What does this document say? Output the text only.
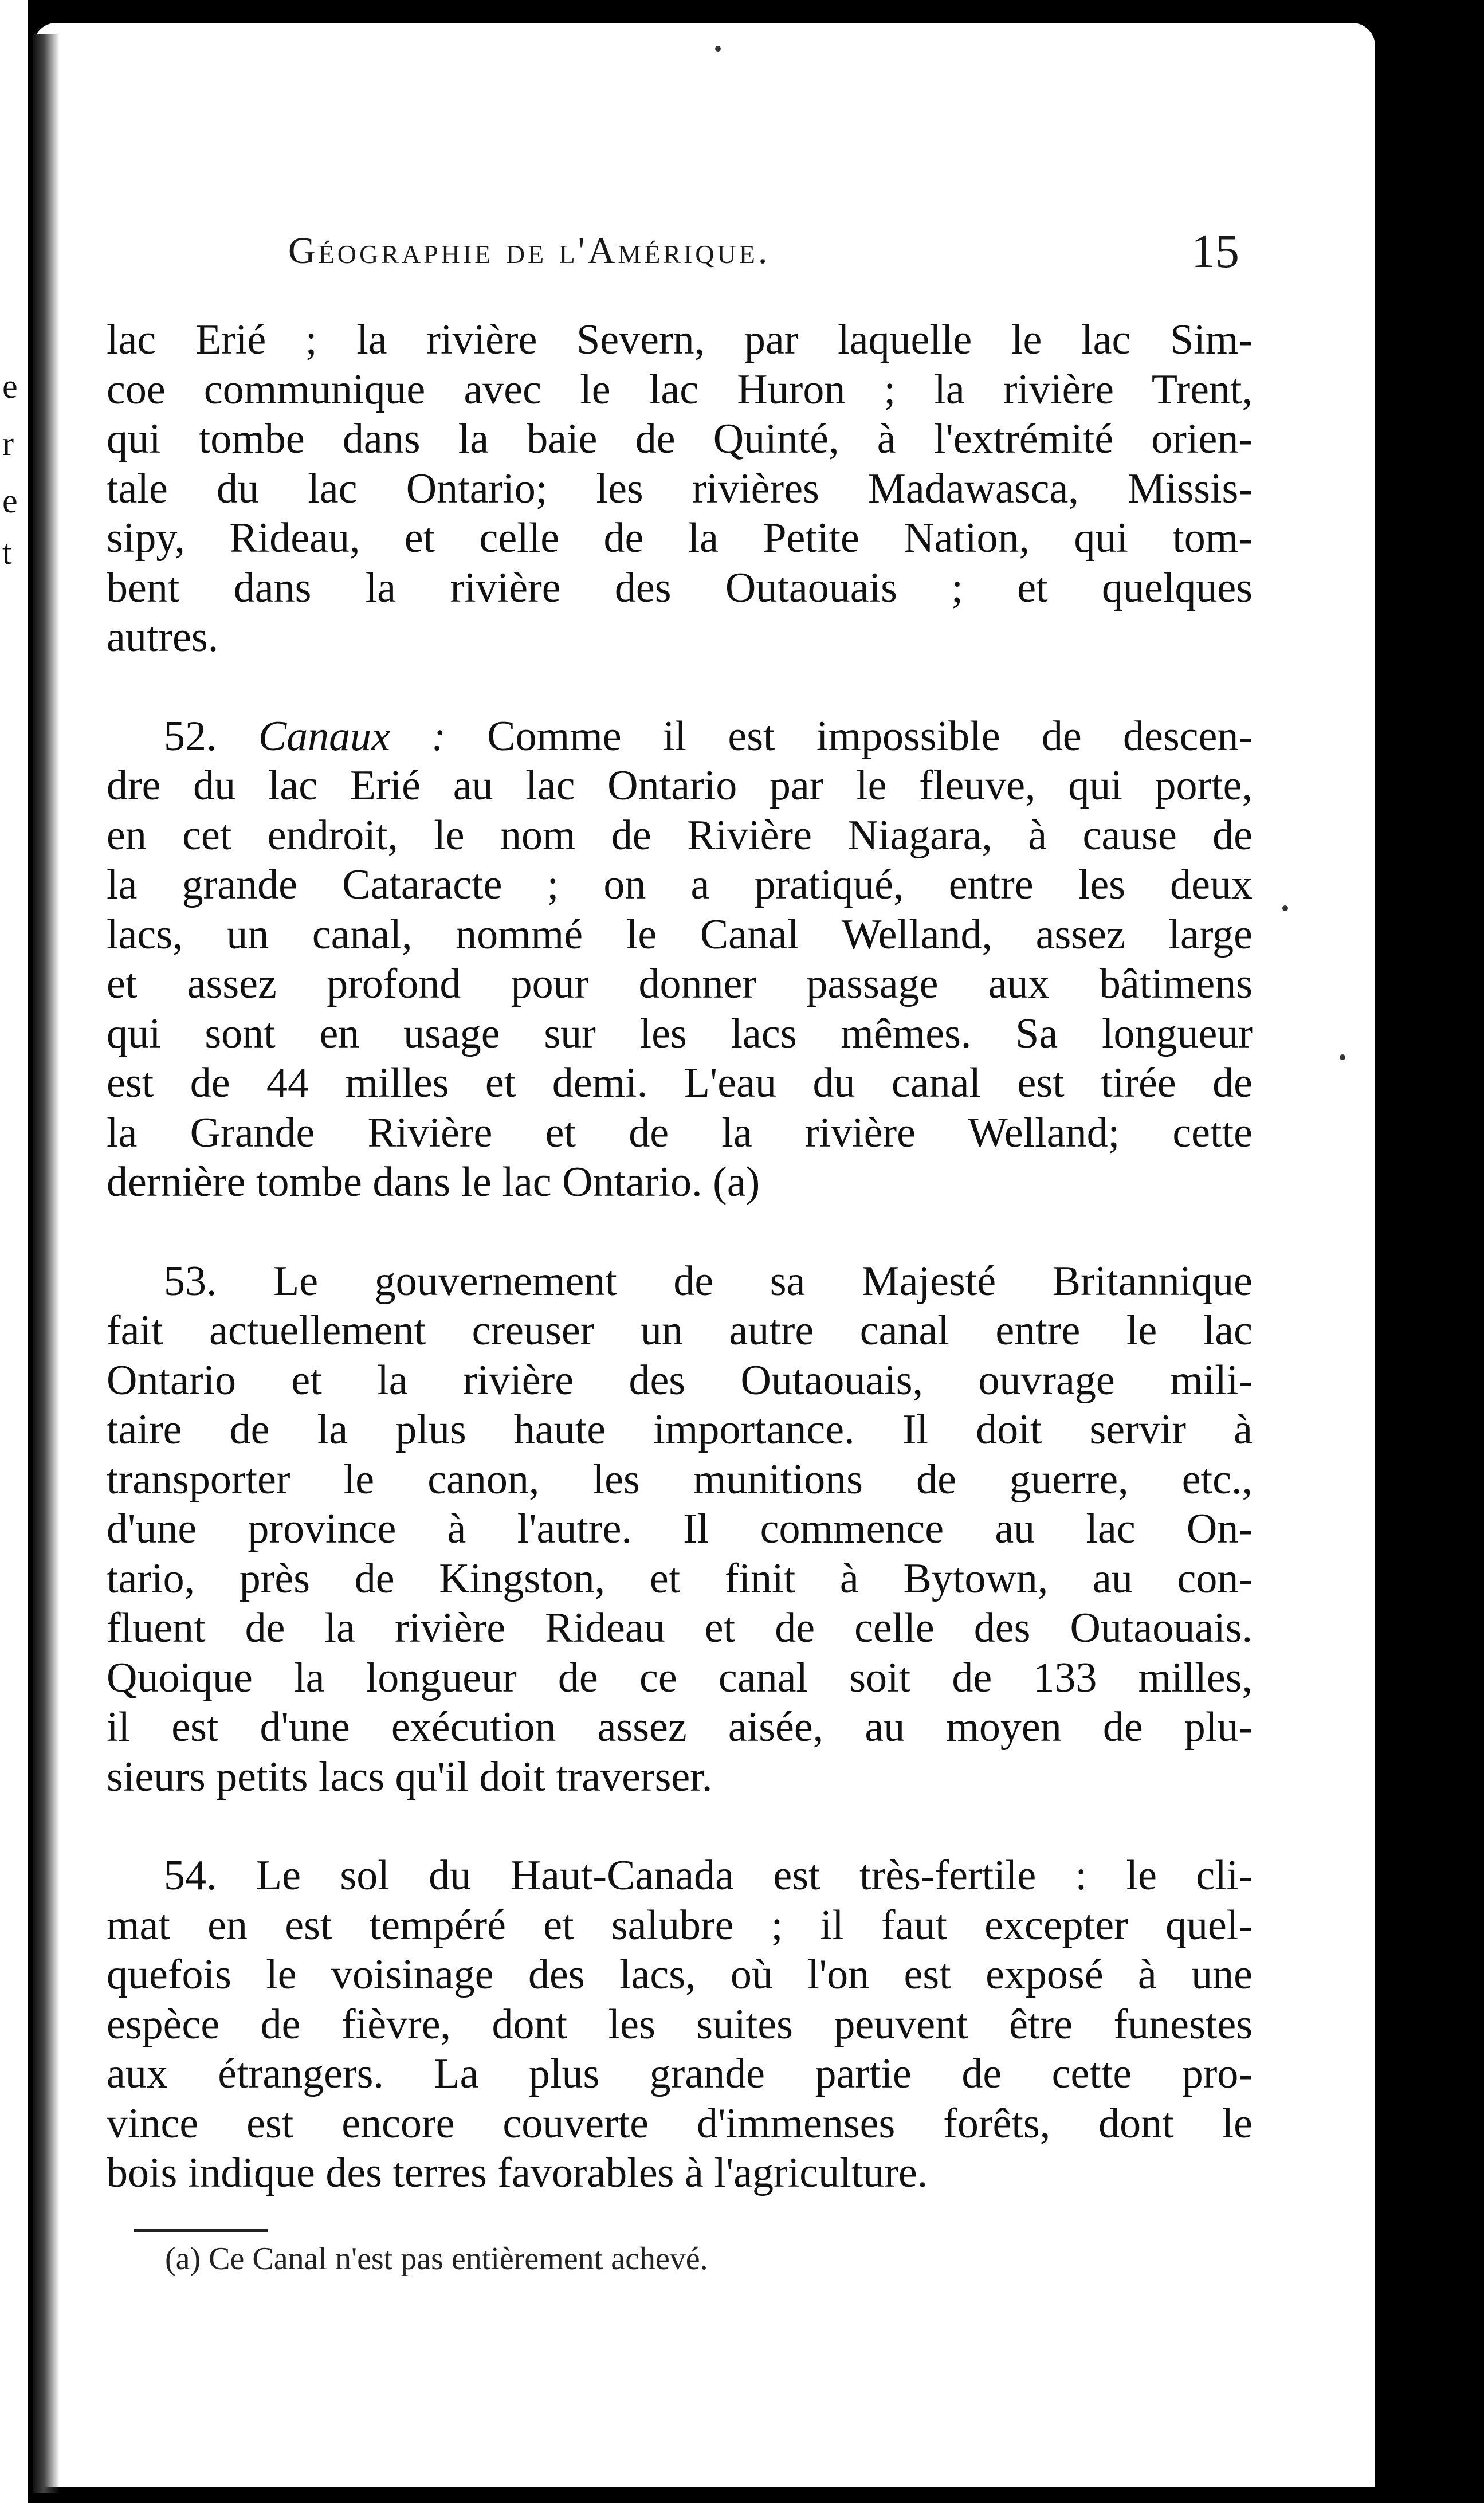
e
r
e
t
Géographie de l'Amérique.	15

lac Erié ; la rivière Severn, par laquelle le lac Sim-
coe communique avec le lac Huron ; la rivière Trent,
qui tombe dans la baie de Quinté, à l'extrémité orien-
tale du lac Ontario; les rivières Madawasca, Missis-
sipy, Rideau, et celle de la Petite Nation, qui tom-
bent dans la rivière des Outaouais ; et quelques
autres.

52. Canaux : Comme il est impossible de descen-
dre du lac Erié au lac Ontario par le fleuve, qui porte,
en cet endroit, le nom de Rivière Niagara, à cause de
la grande Cataracte ; on a pratiqué, entre les deux
lacs, un canal, nommé le Canal Welland, assez large
et assez profond pour donner passage aux bâtimens
qui sont en usage sur les lacs mêmes. Sa longueur
est de 44 milles et demi. L'eau du canal est tirée de
la Grande Rivière et de la rivière Welland; cette
dernière tombe dans le lac Ontario. (a)

53. Le gouvernement de sa Majesté Britannique
fait actuellement creuser un autre canal entre le lac
Ontario et la rivière des Outaouais, ouvrage mili-
taire de la plus haute importance. Il doit servir à
transporter le canon, les munitions de guerre, etc.,
d'une province à l'autre. Il commence au lac On-
tario, près de Kingston, et finit à Bytown, au con-
fluent de la rivière Rideau et de celle des Outaouais.
Quoique la longueur de ce canal soit de 133 milles,
il est d'une exécution assez aisée, au moyen de plu-
sieurs petits lacs qu'il doit traverser.

54. Le sol du Haut-Canada est très-fertile : le cli-
mat en est tempéré et salubre ; il faut excepter quel-
quefois le voisinage des lacs, où l'on est exposé à une
espèce de fièvre, dont les suites peuvent être funestes
aux étrangers. La plus grande partie de cette pro-
vince est encore couverte d'immenses forêts, dont le
bois indique des terres favorables à l'agriculture.

(a) Ce Canal n'est pas entièrement achevé.
